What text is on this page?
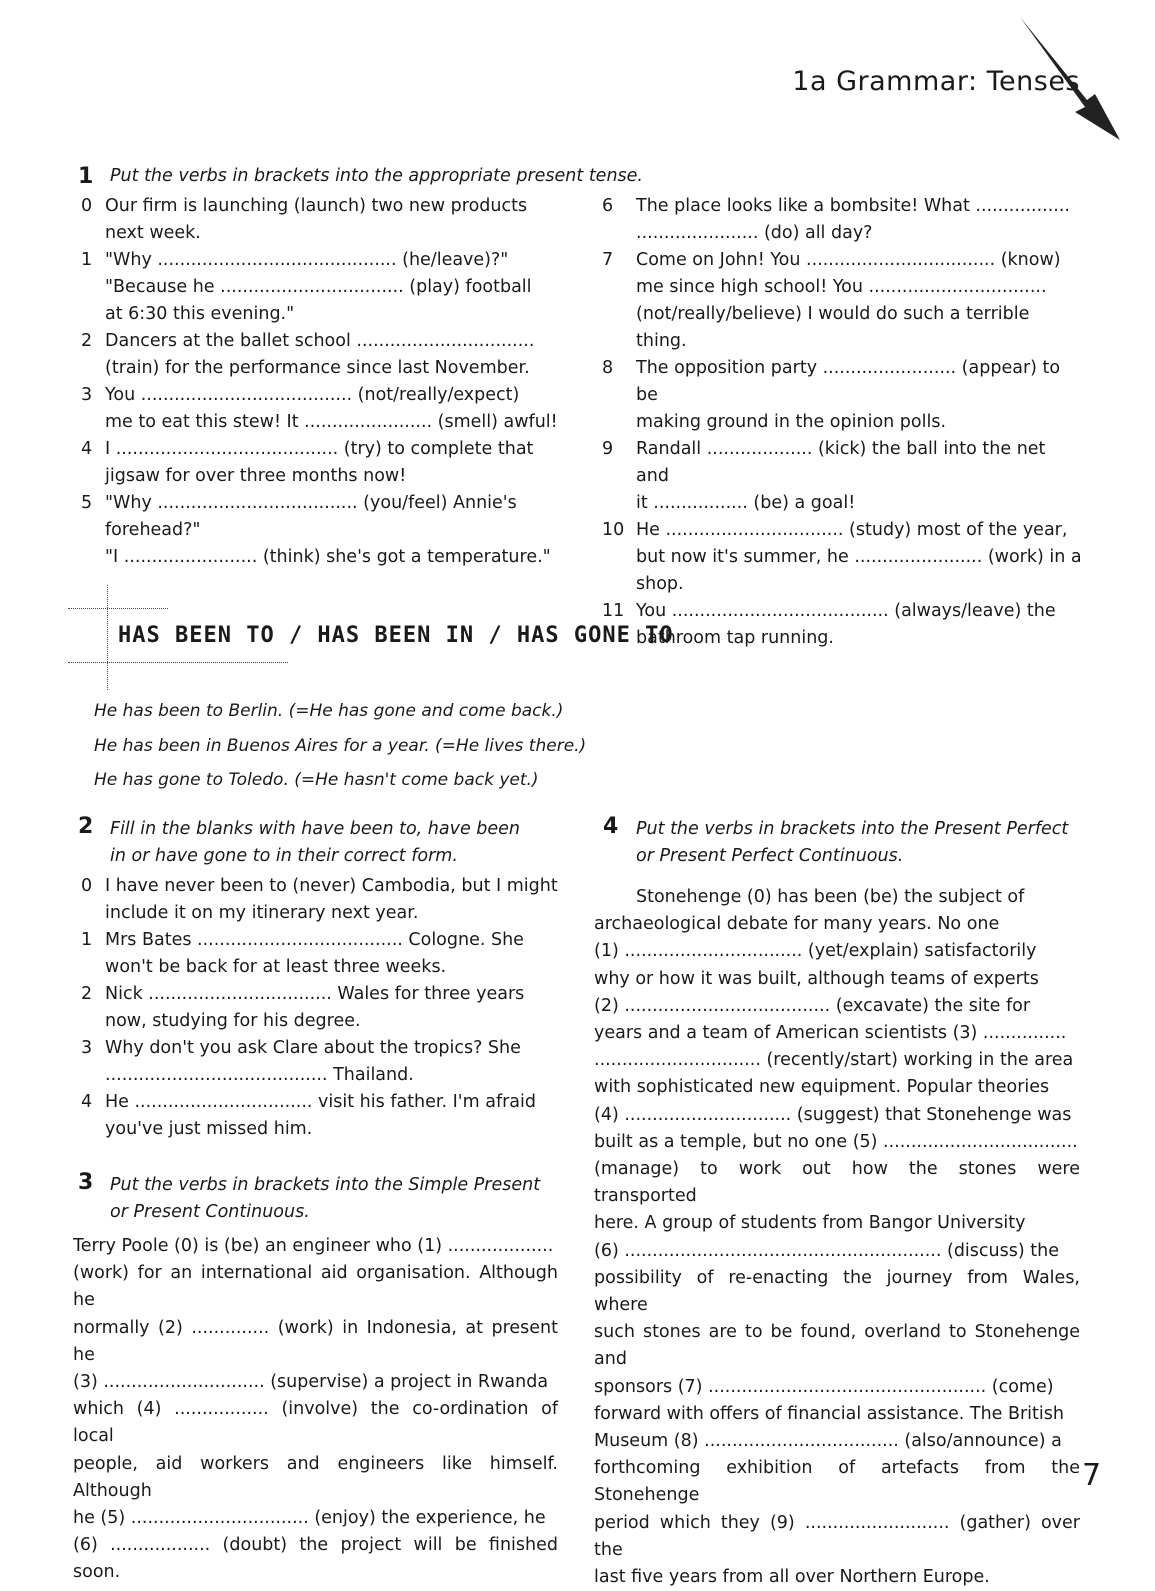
1a Grammar: Tenses
1 Put the verbs in brackets into the appropriate present tense.
0 Our firm is launching (launch) two new products
next week.
1 "Why ........................................... (he/leave)?"
"Because he ................................. (play) football
at 6:30 this evening."
2 Dancers at the ballet school ................................
(train) for the performance since last November.
3 You ...................................... (not/really/expect)
me to eat this stew! It ....................... (smell) awful!
4 I ........................................ (try) to complete that
jigsaw for over three months now!
5 "Why .................................... (you/feel) Annie's
forehead?"
"I ........................ (think) she's got a temperature."
6	The place looks like a bombsite! What .................
...................... (do) all day?
7	Come on John! You .................................. (know)
me since high school! You ................................
(not/really/believe) I would do such a terrible thing.
8	The opposition party ........................ (appear) to be
making ground in the opinion polls.
9	Randall ................... (kick) the ball into the net and
it ................. (be) a goal!
10 He ................................ (study) most of the year,
but now it's summer, he ....................... (work) in a
shop.
11 You ....................................... (always/leave) the
bathroom tap running.
HAS BEEN TO / HAS BEEN IN / HAS GONE TO
He has been to Berlin. (=He has gone and come back.)
He has been in Buenos Aires for a year. (=He lives there.)
He has gone to Toledo. (=He hasn't come back yet.)
2 Fill in the blanks with have been to, have been
in or have gone to in their correct form.
0 I have never been to (never) Cambodia, but I might
include it on my itinerary next year.
1 Mrs Bates ..................................... Cologne. She
won't be back for at least three weeks.
2 Nick ................................. Wales for three years
now, studying for his degree.
3 Why don't you ask Clare about the tropics? She
........................................ Thailand.
4 He ................................ visit his father. I'm afraid
you've just missed him.
3 Put the verbs in brackets into the Simple Present
or Present Continuous.
Terry Poole (0) is (be) an engineer who (1) ...................
(work) for an international aid organisation. Although he
normally (2) .............. (work) in Indonesia, at present he
(3) ............................. (supervise) a project in Rwanda
which (4) ................. (involve) the co-ordination of local
people, aid workers and engineers like himself. Although
he (5) ................................ (enjoy) the experience, he
(6) .................. (doubt) the project will be finished soon.
4 Put the verbs in brackets into the Present Perfect
or Present Perfect Continuous.
Stonehenge (0) has been (be) the subject of
archaeological debate for many years. No one
(1) ................................ (yet/explain) satisfactorily
why or how it was built, although teams of experts
(2) ..................................... (excavate) the site for
years and a team of American scientists (3) ...............
.............................. (recently/start) working in the area
with sophisticated new equipment. Popular theories
(4) .............................. (suggest) that Stonehenge was
built as a temple, but no one (5) ...................................
(manage) to work out how the stones were transported
here. A group of students from Bangor University
(6) ......................................................... (discuss) the
possibility of re-enacting the journey from Wales, where
such stones are to be found, overland to Stonehenge and
sponsors (7) .................................................. (come)
forward with offers of financial assistance. The British
Museum (8) ................................... (also/announce) a
forthcoming exhibition of artefacts from the Stonehenge
period which they (9) .......................... (gather) over the
last five years from all over Northern Europe.
7
